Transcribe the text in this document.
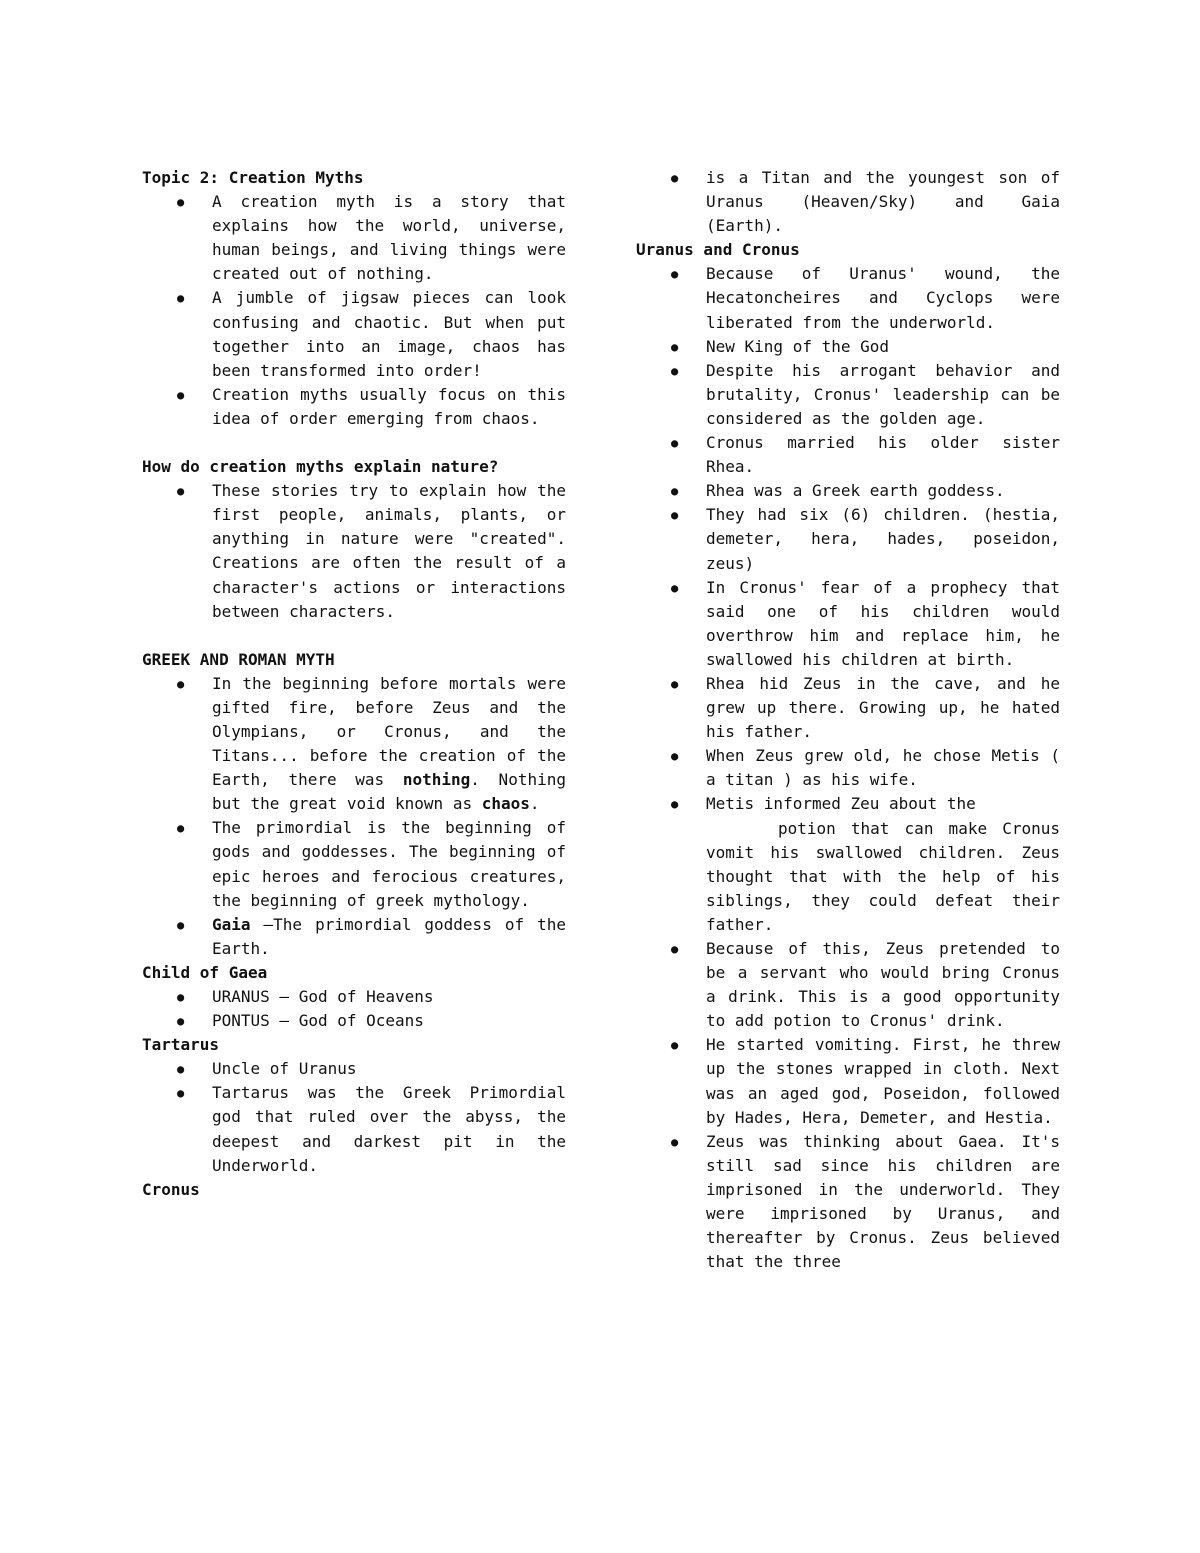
Topic 2: Creation Myths

● A creation myth is a story that explains how the world, universe, human beings, and living things were created out of nothing.
● A jumble of jigsaw pieces can look confusing and chaotic. But when put together into an image, chaos has been transformed into order!
● Creation myths usually focus on this idea of order emerging from chaos.

How do creation myths explain nature?

● These stories try to explain how the first people, animals, plants, or anything in nature were "created". Creations are often the result of a character's actions or interactions between characters.

GREEK AND ROMAN MYTH

● In the beginning before mortals were gifted fire, before Zeus and the Olympians, or Cronus, and the Titans... before the creation of the Earth, there was nothing. Nothing but the great void known as chaos.
● The primordial is the beginning of gods and goddesses. The beginning of epic heroes and ferocious creatures, the beginning of greek mythology.
● Gaia –The primordial goddess of the Earth.

Child of Gaea

● URANUS – God of Heavens
● PONTUS – God of Oceans

Tartarus

● Uncle of Uranus
● Tartarus was the Greek Primordial god that ruled over the abyss, the deepest and darkest pit in the Underworld.

Cronus

● is a Titan and the youngest son of Uranus (Heaven/Sky) and Gaia (Earth).

Uranus and Cronus

● Because of Uranus' wound, the Hecatoncheires and Cyclops were liberated from the underworld.
● New King of the God
● Despite his arrogant behavior and brutality, Cronus' leadership can be considered as the golden age.
● Cronus married his older sister Rhea.
● Rhea was a Greek earth goddess.
● They had six (6) children. (hestia, demeter, hera, hades, poseidon, zeus)
● In Cronus' fear of a prophecy that said one of his children would overthrow him and replace him, he swallowed his children at birth.
● Rhea hid Zeus in the cave, and he grew up there. Growing up, he hated his father.
● When Zeus grew old, he chose Metis ( a titan ) as his wife.
● Metis informed Zeu about the
potion that can make Cronus vomit his swallowed children. Zeus thought that with the help of his siblings, they could defeat their father.
● Because of this, Zeus pretended to be a servant who would bring Cronus a drink. This is a good opportunity to add potion to Cronus' drink.
● He started vomiting. First, he threw up the stones wrapped in cloth. Next was an aged god, Poseidon, followed by Hades, Hera, Demeter, and Hestia.
● Zeus was thinking about Gaea. It's still sad since his children are imprisoned in the underworld. They were imprisoned by Uranus, and thereafter by Cronus. Zeus believed that the three
